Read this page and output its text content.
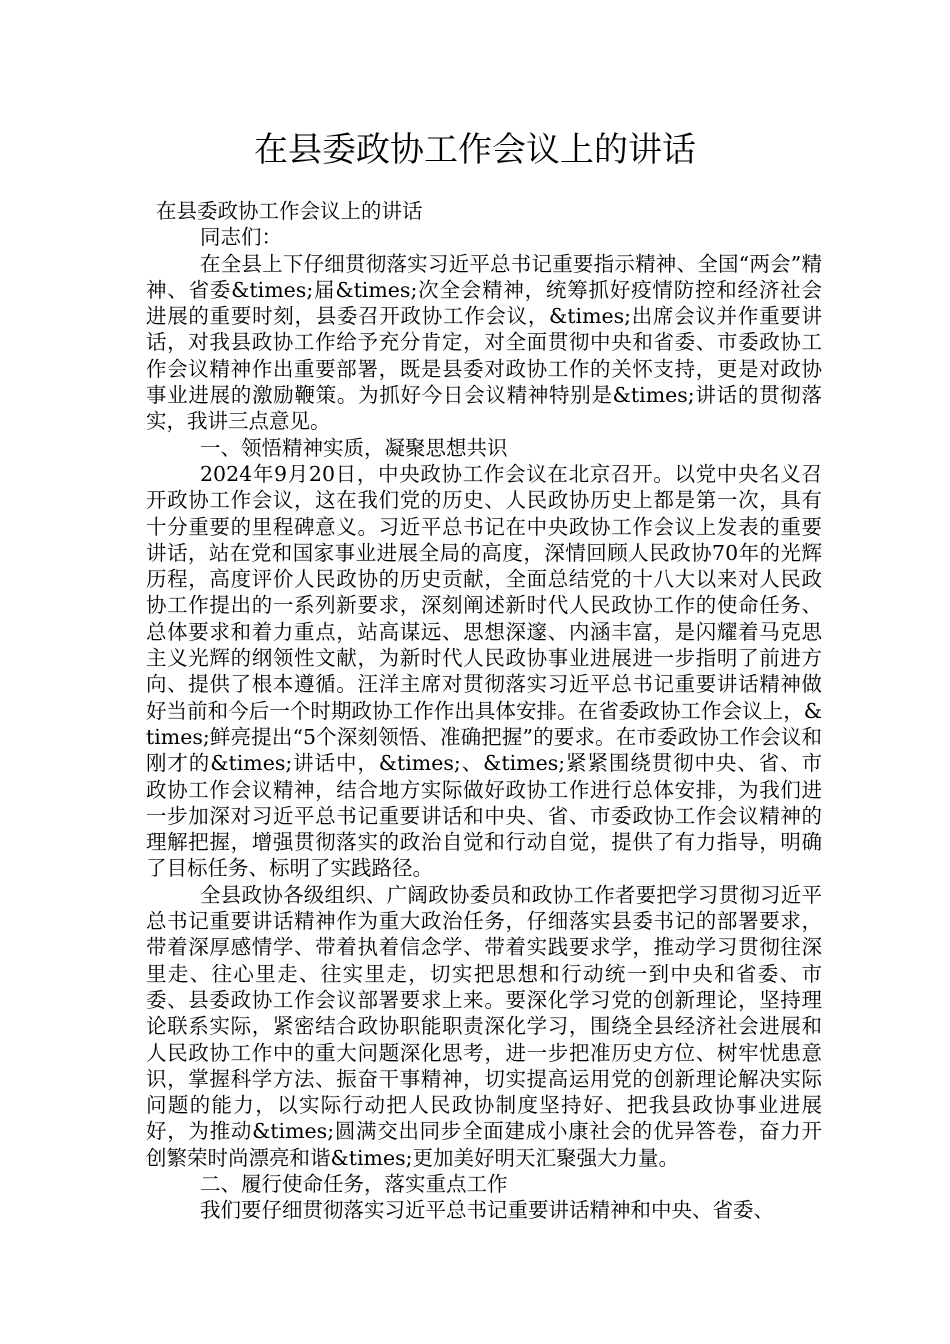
在县委政协工作会议上的讲话

在县委政协工作会议上的讲话

同志们：

在全县上下仔细贯彻落实习近平总书记重要指示精神、全国“两会”精神、省委&times;届&times;次全会精神，统筹抓好疫情防控和经济社会进展的重要时刻，县委召开政协工作会议，&times;出席会议并作重要讲话，对我县政协工作给予充分肯定，对全面贯彻中央和省委、市委政协工作会议精神作出重要部署，既是县委对政协工作的关怀支持，更是对政协事业进展的激励鞭策。为抓好今日会议精神特别是&times;讲话的贯彻落实，我讲三点意见。

一、领悟精神实质，凝聚思想共识

2024年9月20日，中央政协工作会议在北京召开。以党中央名义召开政协工作会议，这在我们党的历史、人民政协历史上都是第一次，具有十分重要的里程碑意义。习近平总书记在中央政协工作会议上发表的重要讲话，站在党和国家事业进展全局的高度，深情回顾人民政协70年的光辉历程，高度评价人民政协的历史贡献，全面总结党的十八大以来对人民政协工作提出的一系列新要求，深刻阐述新时代人民政协工作的使命任务、总体要求和着力重点，站高谋远、思想深邃、内涵丰富，是闪耀着马克思主义光辉的纲领性文献，为新时代人民政协事业进展进一步指明了前进方向、提供了根本遵循。汪洋主席对贯彻落实习近平总书记重要讲话精神做好当前和今后一个时期政协工作作出具体安排。在省委政协工作会议上，&times;鲜亮提出“5个深刻领悟、准确把握”的要求。在市委政协工作会议和刚才的&times;讲话中，&times;、&times;紧紧围绕贯彻中央、省、市政协工作会议精神，结合地方实际做好政协工作进行总体安排，为我们进一步加深对习近平总书记重要讲话和中央、省、市委政协工作会议精神的理解把握，增强贯彻落实的政治自觉和行动自觉，提供了有力指导，明确了目标任务、标明了实践路径。

全县政协各级组织、广阔政协委员和政协工作者要把学习贯彻习近平总书记重要讲话精神作为重大政治任务，仔细落实县委书记的部署要求，带着深厚感情学、带着执着信念学、带着实践要求学，推动学习贯彻往深里走、往心里走、往实里走，切实把思想和行动统一到中央和省委、市委、县委政协工作会议部署要求上来。要深化学习党的创新理论，坚持理论联系实际，紧密结合政协职能职责深化学习，围绕全县经济社会进展和人民政协工作中的重大问题深化思考，进一步把准历史方位、树牢忧患意识，掌握科学方法、振奋干事精神，切实提高运用党的创新理论解决实际问题的能力，以实际行动把人民政协制度坚持好、把我县政协事业进展好，为推动&times;圆满交出同步全面建成小康社会的优异答卷，奋力开创繁荣时尚漂亮和谐&times;更加美好明天汇聚强大力量。

二、履行使命任务，落实重点工作

我们要仔细贯彻落实习近平总书记重要讲话精神和中央、省委、
